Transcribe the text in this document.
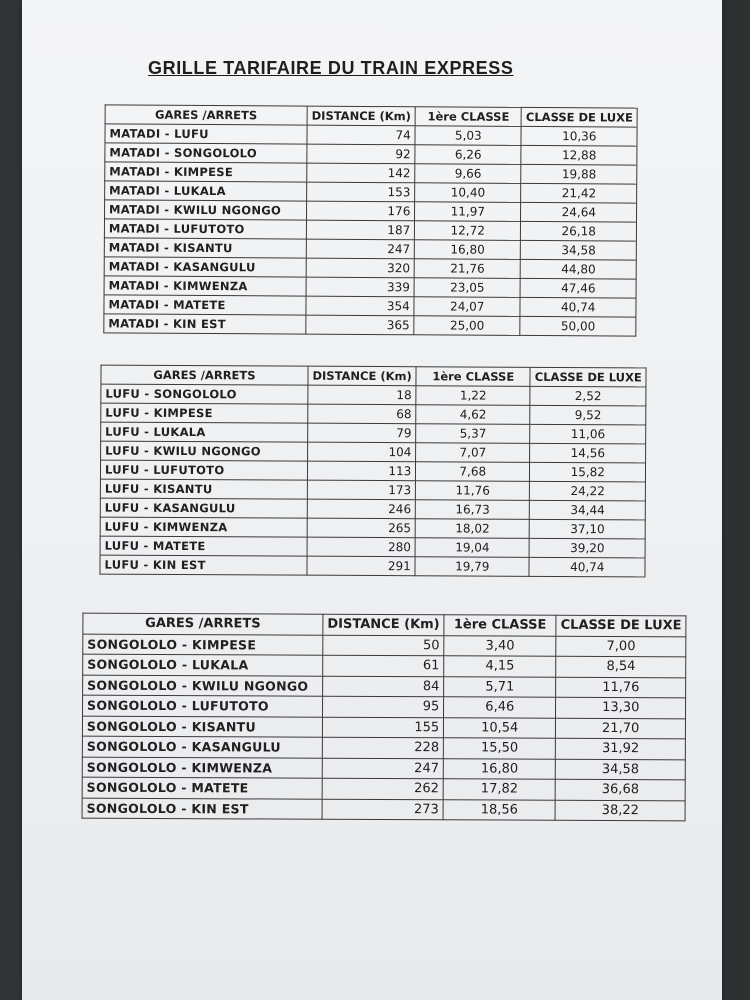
GRILLE TARIFAIRE DU TRAIN EXPRESS
GARES /ARRETS	DISTANCE (Km)	1ère CLASSE	CLASSE DE LUXE
MATADI - LUFU	74	5,03	10,36
MATADI - SONGOLOLO	92	6,26	12,88
MATADI - KIMPESE	142	9,66	19,88
MATADI - LUKALA	153	10,40	21,42
MATADI - KWILU NGONGO	176	11,97	24,64
MATADI - LUFUTOTO	187	12,72	26,18
MATADI - KISANTU	247	16,80	34,58
MATADI - KASANGULU	320	21,76	44,80
MATADI - KIMWENZA	339	23,05	47,46
MATADI - MATETE	354	24,07	40,74
MATADI - KIN EST	365	25,00	50,00
GARES /ARRETS	DISTANCE (Km)	1ère CLASSE	CLASSE DE LUXE
LUFU - SONGOLOLO	18	1,22	2,52
LUFU - KIMPESE	68	4,62	9,52
LUFU - LUKALA	79	5,37	11,06
LUFU - KWILU NGONGO	104	7,07	14,56
LUFU - LUFUTOTO	113	7,68	15,82
LUFU - KISANTU	173	11,76	24,22
LUFU - KASANGULU	246	16,73	34,44
LUFU - KIMWENZA	265	18,02	37,10
LUFU - MATETE	280	19,04	39,20
LUFU - KIN EST	291	19,79	40,74
GARES /ARRETS	DISTANCE (Km)	1ère CLASSE	CLASSE DE LUXE
SONGOLOLO - KIMPESE	50	3,40	7,00
SONGOLOLO - LUKALA	61	4,15	8,54
SONGOLOLO - KWILU NGONGO	84	5,71	11,76
SONGOLOLO - LUFUTOTO	95	6,46	13,30
SONGOLOLO - KISANTU	155	10,54	21,70
SONGOLOLO - KASANGULU	228	15,50	31,92
SONGOLOLO - KIMWENZA	247	16,80	34,58
SONGOLOLO - MATETE	262	17,82	36,68
SONGOLOLO - KIN EST	273	18,56	38,22
